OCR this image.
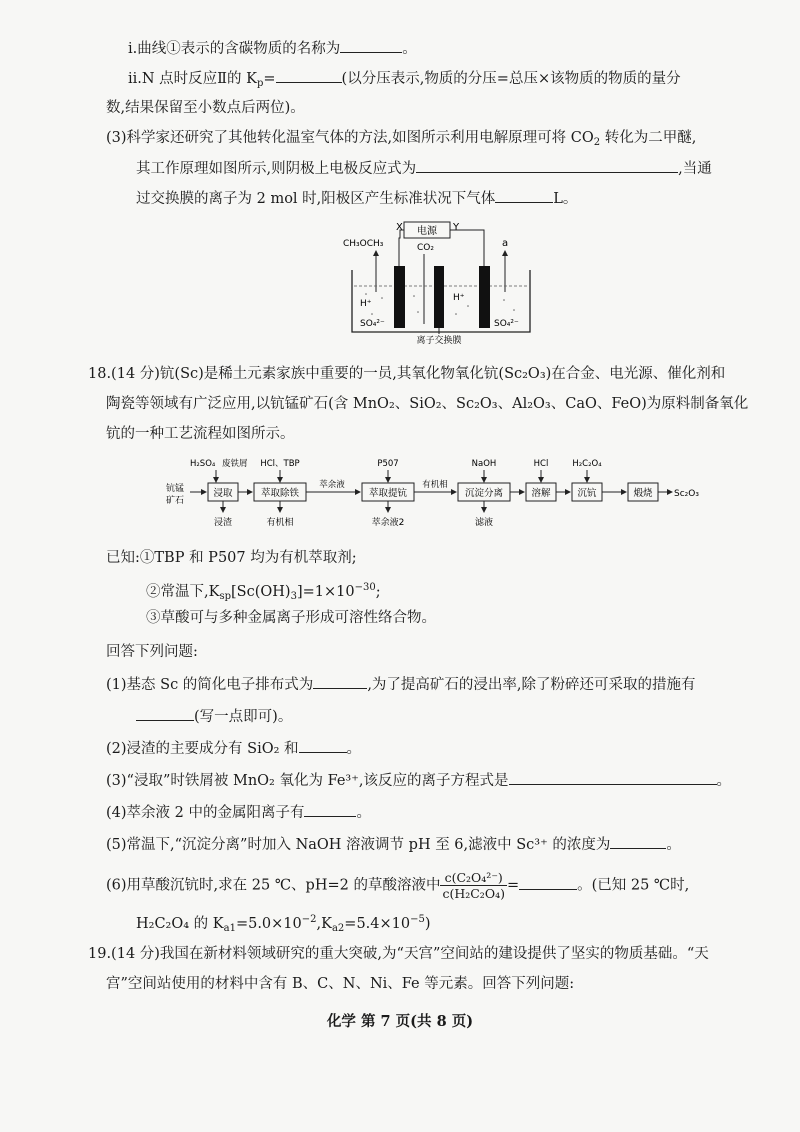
ⅰ.曲线①表示的含碳物质的名称为	。
ⅱ.N 点时反应Ⅱ的 $K_p=$	(以分压表示,物质的分压=总压×该物质的物质的量分
数,结果保留至小数点后两位)。
(3)科学家还研究了其他转化温室气体的方法,如图所示利用电解原理可将 $CO_2$ 转化为二甲醚,
其工作原理如图所示,则阴极上电极反应式为	,当通
过交换膜的离子为 2 mol 时,阳极区产生标准状况下气体	L。
电源
X	Y
CH₃OCH₃	CO₂	a
H⁺
H⁺
SO₄²⁻	SO₄²⁻
离子交换膜
18.(14 分)钪(Sc)是稀土元素家族中重要的一员,其氧化物氧化钪(Sc₂O₃)在合金、电光源、催化剂和
陶瓷等领域有广泛应用,以钪锰矿石(含 MnO₂、SiO₂、Sc₂O₃、Al₂O₃、CaO、FeO)为原料制备氧化
钪的一种工艺流程如图所示。
钪锰
矿石
浸取
H₂SO₄ 废铁屑
浸渣
萃取除铁
HCl、TBP
有机相
萃余液
萃取提钪
P507
萃余液2
有机相
沉淀分离
NaOH
滤液
溶解
HCl
沉钪
H₂C₂O₄
煅烧 Sc₂O₃
已知:①TBP 和 P507 均为有机萃取剂;
②常温下$,K_{sp}[Sc(OH)_3]=1\times 10^{-30}$;
③草酸可与多种金属离子形成可溶性络合物。
回答下列问题:
(1)基态 Sc 的简化电子排布式为	,为了提高矿石的浸出率,除了粉碎还可采取的措施有
(写一点即可)。
(2)浸渣的主要成分有 SiO₂ 和	。
(3)“浸取”时铁屑被 MnO₂ 氧化为 Fe³⁺,该反应的离子方程式是	。
(4)萃余液 2 中的金属阳离子有	。
(5)常温下,“沉淀分离”时加入 NaOH 溶液调节 pH 至 6,滤液中 Sc³⁺ 的浓度为	。
(6)用草酸沉钪时,求在 25 ℃、pH=2 的草酸溶液中 $\frac{\text{c(C₂O₄²⁻)}}{\text{c(H₂C₂O₄)}}$ =	。(已知 25 ℃时,
H₂C₂O₄ 的 $K_{a1}=5.0\times 10^{-2},K_{a2}=5.4\times 10^{-5}$)
19.(14 分)我国在新材料领域研究的重大突破,为“天宫”空间站的建设提供了坚实的物质基础。“天
宫”空间站使用的材料中含有 B、C、N、Ni、Fe 等元素。回答下列问题:
化学 第 7 页(共 8 页)
